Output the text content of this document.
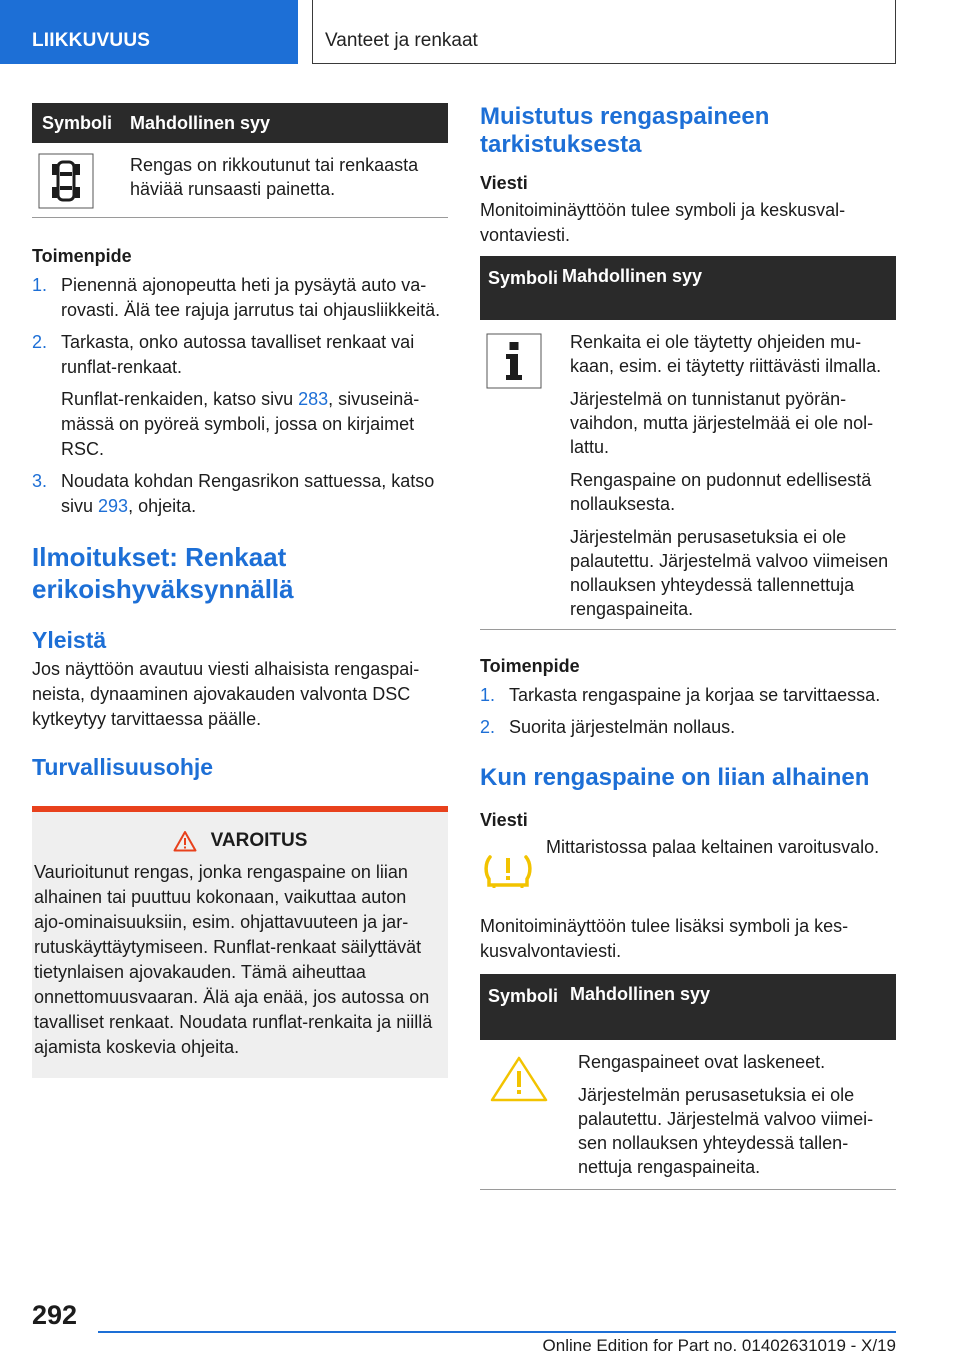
LIIKKUVUUS	Vanteet ja renkaat
Symboli Mahdollinen syy

Rengas on rikkoutunut tai renkaasta häviää runsaasti painetta.

Toimenpide
1. Pienennä ajonopeutta heti ja pysäytä auto varovasti. Älä tee rajuja jarrutus tai ohjausliikkeitä.
2. Tarkasta, onko autossa tavalliset renkaat vai runflat-renkaat.
Runflat-renkaiden, katso sivu 283, sivuseinämässä on pyöreä symboli, jossa on kirjaimet RSC.
3. Noudata kohdan Rengasrikon sattuessa, katso sivu 293, ohjeita.
Ilmoitukset: Renkaat erikoishyväksynnällä
Yleistä
Jos näyttöön avautuu viesti alhaisista rengaspaineista, dynaaminen ajovakauden valvonta DSC kytkeytyy tarvittaessa päälle.
Turvallisuusohje
VAROITUS
Vaurioitunut rengas, jonka rengaspaine on liian alhainen tai puuttuu kokonaan, vaikuttaa auton ajo-ominaisuuksiin, esim. ohjattavuuteen ja jarrutuskäyttäytymiseen. Runflat-renkaat säilyttävät tietynlaisen ajovakauden. Tämä aiheuttaa onnettomuusvaaran. Älä aja enää, jos autossa on tavalliset renkaat. Noudata runflat-renkaita ja niillä ajamista koskevia ohjeita.
Muistutus rengaspaineen tarkistuksesta
Viesti
Monitoiminäyttöön tulee symboli ja keskusvalvontaviesti.
Symboli Mahdollinen syy

Renkaita ei ole täytetty ohjeiden mukaan, esim. ei täytetty riittävästi ilmalla.

Järjestelmä on tunnistanut pyöränvaihdon, mutta järjestelmää ei ole nollattu.

Rengaspaine on pudonnut edellisestä nollauksesta.

Järjestelmän perusasetuksia ei ole palautettu. Järjestelmä valvoo viimeisen nollauksen yhteydessä tallennettuja rengaspaineita.

Toimenpide
1. Tarkasta rengaspaine ja korjaa se tarvittaessa.
2. Suorita järjestelmän nollaus.
Kun rengaspaine on liian alhainen
Viesti
Mittaristossa palaa keltainen varoitusvalo.
Monitoiminäyttöön tulee lisäksi symboli ja keskusvalvontaviesti.
Symboli Mahdollinen syy

Rengaspaineet ovat laskeneet.

Järjestelmän perusasetuksia ei ole palautettu. Järjestelmä valvoo viimeisen nollauksen yhteydessä tallennettuja rengaspaineita.

292
Online Edition for Part no. 01402631019 - X/19
